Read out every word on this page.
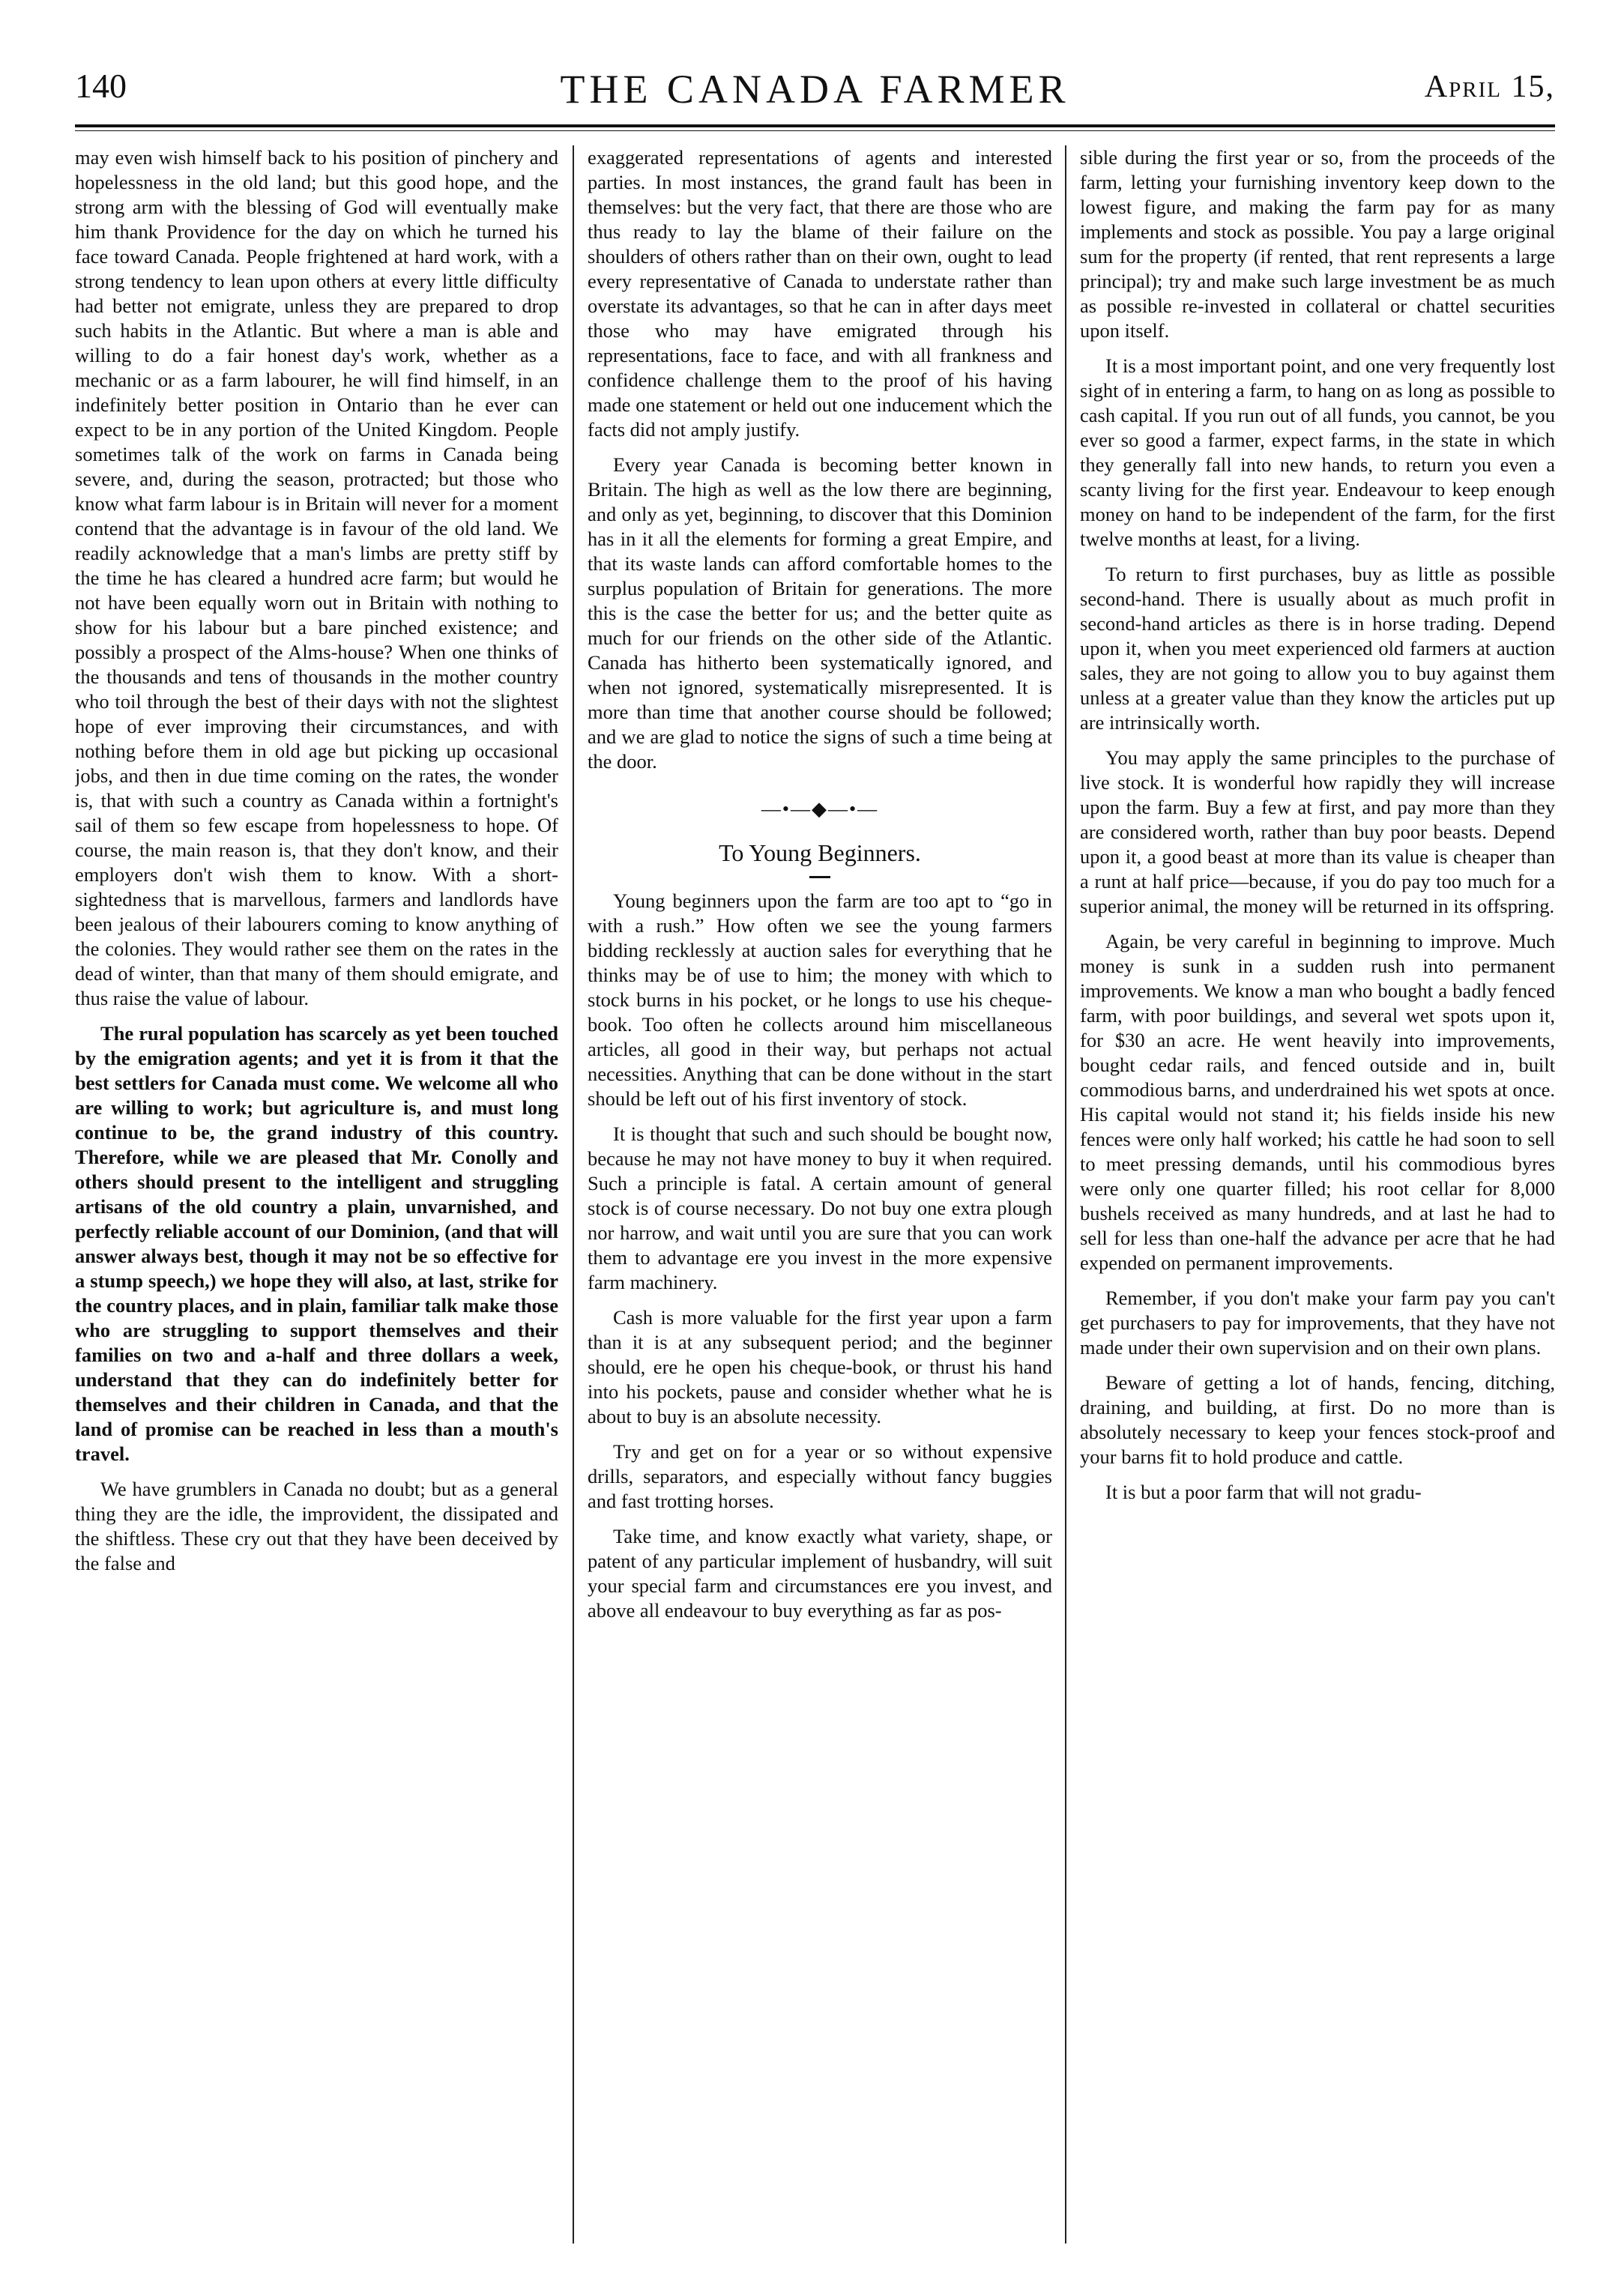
140	THE CANADA FARMER	April 15,

may even wish himself back to his position of pinchery and hopelessness in the old land; but this good hope, and the strong arm with the blessing of God will eventually make him thank Providence for the day on which he turned his face toward Canada. People frightened at hard work, with a strong tendency to lean upon others at every little difficulty had better not emigrate, unless they are prepared to drop such habits in the Atlantic. But where a man is able and willing to do a fair honest day's work, whether as a mechanic or as a farm labourer, he will find himself, in an indefinitely better position in Ontario than he ever can expect to be in any portion of the United Kingdom. People sometimes talk of the work on farms in Canada being severe, and, during the season, protracted; but those who know what farm labour is in Britain will never for a moment contend that the advantage is in favour of the old land. We readily acknowledge that a man's limbs are pretty stiff by the time he has cleared a hundred acre farm; but would he not have been equally worn out in Britain with nothing to show for his labour but a bare pinched existence; and possibly a prospect of the Alms-house? When one thinks of the thousands and tens of thousands in the mother country who toil through the best of their days with not the slightest hope of ever improving their circumstances, and with nothing before them in old age but picking up occasional jobs, and then in due time coming on the rates, the wonder is, that with such a country as Canada within a fortnight's sail of them so few escape from hopelessness to hope. Of course, the main reason is, that they don't know, and their employers don't wish them to know. With a short-sightedness that is marvellous, farmers and landlords have been jealous of their labourers coming to know anything of the colonies. They would rather see them on the rates in the dead of winter, than that many of them should emigrate, and thus raise the value of labour.

The rural population has scarcely as yet been touched by the emigration agents; and yet it is from it that the best settlers for Canada must come. We welcome all who are willing to work; but agriculture is, and must long continue to be, the grand industry of this country. Therefore, while we are pleased that Mr. Conolly and others should present to the intelligent and struggling artisans of the old country a plain, unvarnished, and perfectly reliable account of our Dominion, (and that will answer always best, though it may not be so effective for a stump speech,) we hope they will also, at last, strike for the country places, and in plain, familiar talk make those who are struggling to support themselves and their families on two and a-half and three dollars a week, understand that they can do indefinitely better for themselves and their children in Canada, and that the land of promise can be reached in less than a mouth's travel.

We have grumblers in Canada no doubt; but as a general thing they are the idle, the improvident, the dissipated and the shiftless. These cry out that they have been deceived by the false and

exaggerated representations of agents and interested parties. In most instances, the grand fault has been in themselves: but the very fact, that there are those who are thus ready to lay the blame of their failure on the shoulders of others rather than on their own, ought to lead every representative of Canada to understate rather than overstate its advantages, so that he can in after days meet those who may have emigrated through his representations, face to face, and with all frankness and confidence challenge them to the proof of his having made one statement or held out one inducement which the facts did not amply justify.

Every year Canada is becoming better known in Britain. The high as well as the low there are beginning, and only as yet, beginning, to discover that this Dominion has in it all the elements for forming a great Empire, and that its waste lands can afford comfortable homes to the surplus population of Britain for generations. The more this is the case the better for us; and the better quite as much for our friends on the other side of the Atlantic. Canada has hitherto been systematically ignored, and when not ignored, systematically misrepresented. It is more than time that another course should be followed; and we are glad to notice the signs of such a time being at the door.

—•—◆—•—
To Young Beginners.

Young beginners upon the farm are too apt to “go in with a rush.” How often we see the young farmers bidding recklessly at auction sales for everything that he thinks may be of use to him; the money with which to stock burns in his pocket, or he longs to use his cheque-book. Too often he collects around him miscellaneous articles, all good in their way, but perhaps not actual necessities. Anything that can be done without in the start should be left out of his first inventory of stock.

It is thought that such and such should be bought now, because he may not have money to buy it when required. Such a principle is fatal. A certain amount of general stock is of course necessary. Do not buy one extra plough nor harrow, and wait until you are sure that you can work them to advantage ere you invest in the more expensive farm machinery.

Cash is more valuable for the first year upon a farm than it is at any subsequent period; and the beginner should, ere he open his cheque-book, or thrust his hand into his pockets, pause and consider whether what he is about to buy is an absolute necessity.

Try and get on for a year or so without expensive drills, separators, and especially without fancy buggies and fast trotting horses.

Take time, and know exactly what variety, shape, or patent of any particular implement of husbandry, will suit your special farm and circumstances ere you invest, and above all endeavour to buy everything as far as pos-

sible during the first year or so, from the proceeds of the farm, letting your furnishing inventory keep down to the lowest figure, and making the farm pay for as many implements and stock as possible. You pay a large original sum for the property (if rented, that rent represents a large principal); try and make such large investment be as much as possible re-invested in collateral or chattel securities upon itself.

It is a most important point, and one very frequently lost sight of in entering a farm, to hang on as long as possible to cash capital. If you run out of all funds, you cannot, be you ever so good a farmer, expect farms, in the state in which they generally fall into new hands, to return you even a scanty living for the first year. Endeavour to keep enough money on hand to be independent of the farm, for the first twelve months at least, for a living.

To return to first purchases, buy as little as possible second-hand. There is usually about as much profit in second-hand articles as there is in horse trading. Depend upon it, when you meet experienced old farmers at auction sales, they are not going to allow you to buy against them unless at a greater value than they know the articles put up are intrinsically worth.

You may apply the same principles to the purchase of live stock. It is wonderful how rapidly they will increase upon the farm. Buy a few at first, and pay more than they are considered worth, rather than buy poor beasts. Depend upon it, a good beast at more than its value is cheaper than a runt at half price—because, if you do pay too much for a superior animal, the money will be returned in its offspring.

Again, be very careful in beginning to improve. Much money is sunk in a sudden rush into permanent improvements. We know a man who bought a badly fenced farm, with poor buildings, and several wet spots upon it, for $30 an acre. He went heavily into improvements, bought cedar rails, and fenced outside and in, built commodious barns, and underdrained his wet spots at once. His capital would not stand it; his fields inside his new fences were only half worked; his cattle he had soon to sell to meet pressing demands, until his commodious byres were only one quarter filled; his root cellar for 8,000 bushels received as many hundreds, and at last he had to sell for less than one-half the advance per acre that he had expended on permanent improvements.

Remember, if you don't make your farm pay you can't get purchasers to pay for improvements, that they have not made under their own supervision and on their own plans.

Beware of getting a lot of hands, fencing, ditching, draining, and building, at first. Do no more than is absolutely necessary to keep your fences stock-proof and your barns fit to hold produce and cattle.

It is but a poor farm that will not gradu-
